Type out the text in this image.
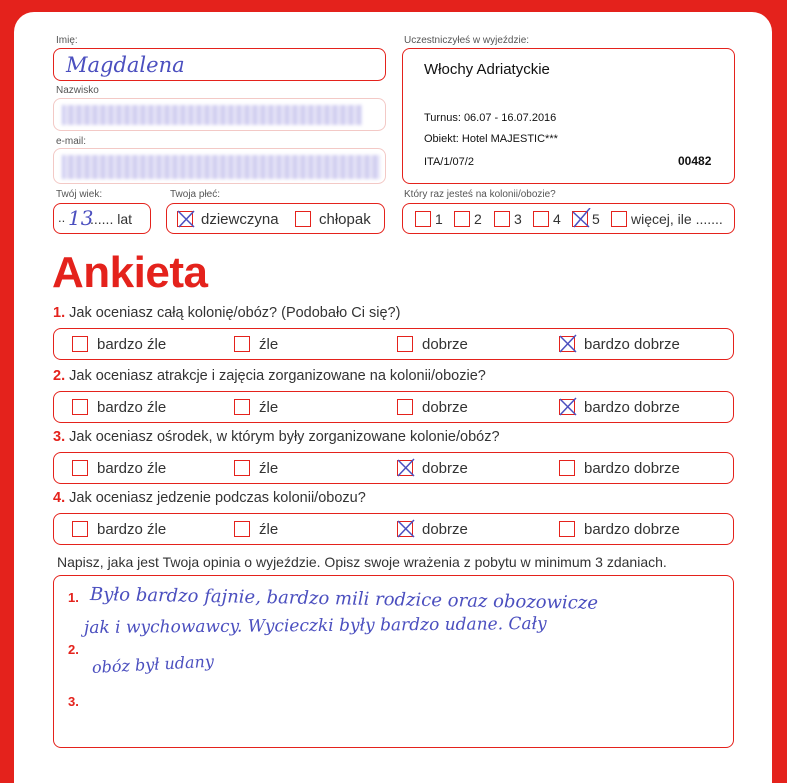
Imię:
Magdalena
Nazwisko
e-mail:
Uczestniczyłeś w wyjeździe:
Włochy Adriatyckie
Turnus: 06.07 - 16.07.2016
Obiekt: Hotel MAJESTIC***
ITA/1/07/2	00482
Twój wiek:
.. 13
...... lat
Twoja płeć:
dziewczyna	chłopak
Który raz jesteś na kolonii/obozie?
1 2 3 4 5 więcej, ile .......
Ankieta
1. Jak oceniasz całą kolonię/obóz? (Podobało Ci się?)
bardzo źle	źle	dobrze	bardzo dobrze
2. Jak oceniasz atrakcje i zajęcia zorganizowane na kolonii/obozie?
bardzo źle	źle	dobrze	bardzo dobrze
3. Jak oceniasz ośrodek, w którym były zorganizowane kolonie/obóz?
bardzo źle	źle	dobrze	bardzo dobrze
4. Jak oceniasz jedzenie podczas kolonii/obozu?
bardzo źle	źle	dobrze	bardzo dobrze
Napisz, jaka jest Twoja opinia o wyjeździe. Opisz swoje wrażenia z pobytu w minimum 3 zdaniach.
1.
2.
3.
Było bardzo fajnie, bardzo mili rodzice oraz obozowicze
jak i wychowawcy. Wycieczki były bardzo udane. Cały
obóz był udany
